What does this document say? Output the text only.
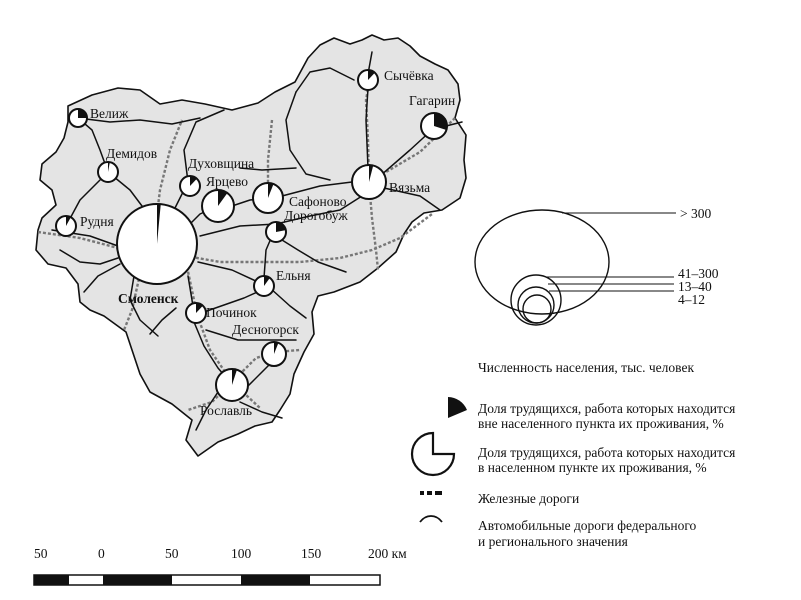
Велиж
Демидов
Рудня
Смоленск
Духовщина
Ярцево
Сафоново
Дорогобуж
Вязьма
Сычёвка
Гагарин
Ельня
Починок
Десногорск
Рославль
> 300
41–300
13–40
4–12
Численность населения, тыс. человек
Доля трудящихся, работа которых находится
вне населенного пункта их проживания, %
Доля трудящихся, работа которых находится
в населенном пункте их проживания, %
Железные дороги
Автомобильные дороги федерального
и регионального значения
50	0	50	100	150	200 км
